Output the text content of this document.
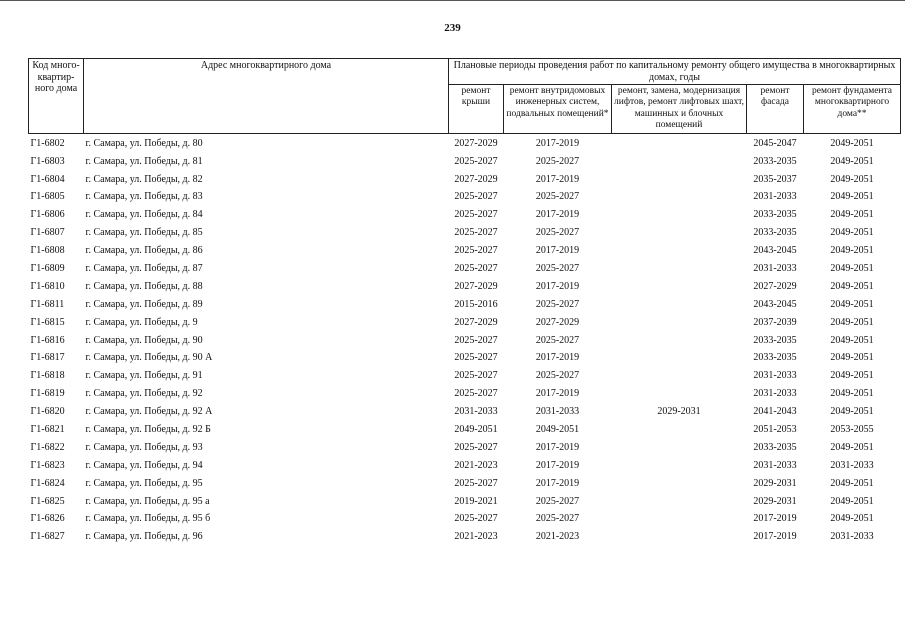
239
Код много-квартир-ного дома	Адрес многоквартирного дома	Плановые периоды проведения работ по капитальному ремонту общего имущества в многоквартирных домах, годы				
		ремонт крыши	ремонт внутридомовых инженерных систем, подвальных помещений*	ремонт, замена, модернизация лифтов, ремонт лифтовых шахт, машинных и блочных помещений	ремонт фасада	ремонт фундамента многоквартирного дома**
Г1-6802	г. Самара, ул. Победы, д. 80	2027-2029	2017-2019		2045-2047	2049-2051
Г1-6803	г. Самара, ул. Победы, д. 81	2025-2027	2025-2027		2033-2035	2049-2051
Г1-6804	г. Самара, ул. Победы, д. 82	2027-2029	2017-2019		2035-2037	2049-2051
Г1-6805	г. Самара, ул. Победы, д. 83	2025-2027	2025-2027		2031-2033	2049-2051
Г1-6806	г. Самара, ул. Победы, д. 84	2025-2027	2017-2019		2033-2035	2049-2051
Г1-6807	г. Самара, ул. Победы, д. 85	2025-2027	2025-2027		2033-2035	2049-2051
Г1-6808	г. Самара, ул. Победы, д. 86	2025-2027	2017-2019		2043-2045	2049-2051
Г1-6809	г. Самара, ул. Победы, д. 87	2025-2027	2025-2027		2031-2033	2049-2051
Г1-6810	г. Самара, ул. Победы, д. 88	2027-2029	2017-2019		2027-2029	2049-2051
Г1-6811	г. Самара, ул. Победы, д. 89	2015-2016	2025-2027		2043-2045	2049-2051
Г1-6815	г. Самара, ул. Победы, д. 9	2027-2029	2027-2029		2037-2039	2049-2051
Г1-6816	г. Самара, ул. Победы, д. 90	2025-2027	2025-2027		2033-2035	2049-2051
Г1-6817	г. Самара, ул. Победы, д. 90 А	2025-2027	2017-2019		2033-2035	2049-2051
Г1-6818	г. Самара, ул. Победы, д. 91	2025-2027	2025-2027		2031-2033	2049-2051
Г1-6819	г. Самара, ул. Победы, д. 92	2025-2027	2017-2019		2031-2033	2049-2051
Г1-6820	г. Самара, ул. Победы, д. 92 А	2031-2033	2031-2033	2029-2031	2041-2043	2049-2051
Г1-6821	г. Самара, ул. Победы, д. 92 Б	2049-2051	2049-2051		2051-2053	2053-2055
Г1-6822	г. Самара, ул. Победы, д. 93	2025-2027	2017-2019		2033-2035	2049-2051
Г1-6823	г. Самара, ул. Победы, д. 94	2021-2023	2017-2019		2031-2033	2031-2033
Г1-6824	г. Самара, ул. Победы, д. 95	2025-2027	2017-2019		2029-2031	2049-2051
Г1-6825	г. Самара, ул. Победы, д. 95 а	2019-2021	2025-2027		2029-2031	2049-2051
Г1-6826	г. Самара, ул. Победы, д. 95 б	2025-2027	2025-2027		2017-2019	2049-2051
Г1-6827	г. Самара, ул. Победы, д. 96	2021-2023	2021-2023		2017-2019	2031-2033
